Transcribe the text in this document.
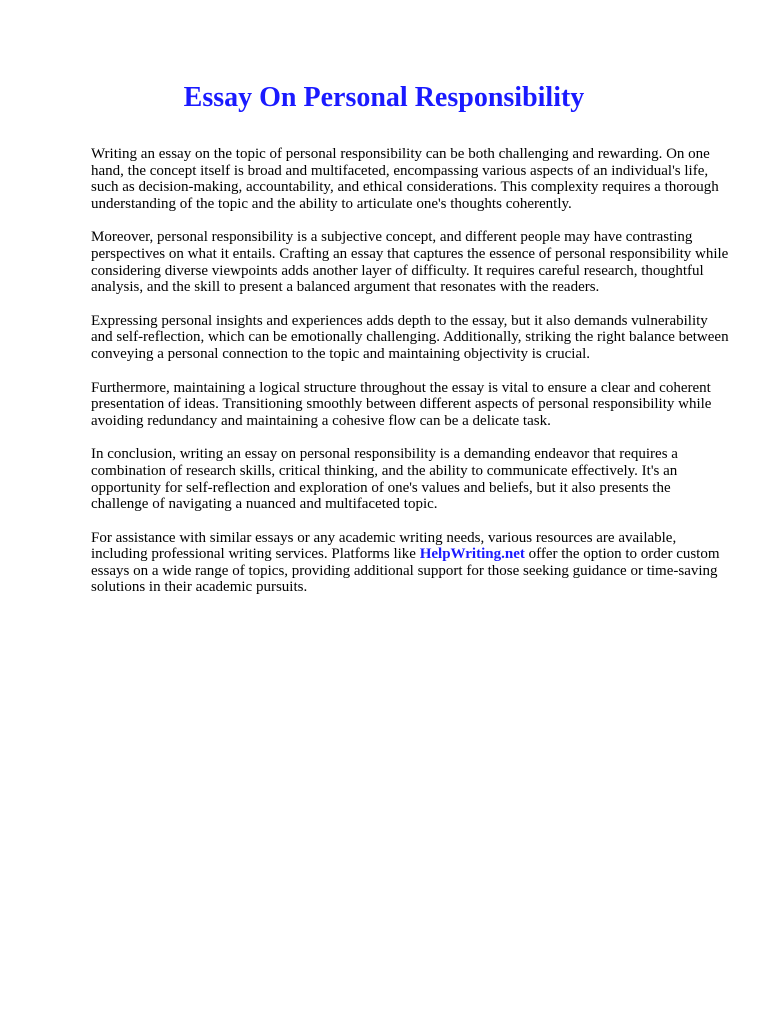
Essay On Personal Responsibility

Writing an essay on the topic of personal responsibility can be both challenging and rewarding. On one hand, the concept itself is broad and multifaceted, encompassing various aspects of an individual's life, such as decision-making, accountability, and ethical considerations. This complexity requires a thorough understanding of the topic and the ability to articulate one's thoughts coherently.

Moreover, personal responsibility is a subjective concept, and different people may have contrasting perspectives on what it entails. Crafting an essay that captures the essence of personal responsibility while considering diverse viewpoints adds another layer of difficulty. It requires careful research, thoughtful analysis, and the skill to present a balanced argument that resonates with the readers.

Expressing personal insights and experiences adds depth to the essay, but it also demands vulnerability and self-reflection, which can be emotionally challenging. Additionally, striking the right balance between conveying a personal connection to the topic and maintaining objectivity is crucial.

Furthermore, maintaining a logical structure throughout the essay is vital to ensure a clear and coherent presentation of ideas. Transitioning smoothly between different aspects of personal responsibility while avoiding redundancy and maintaining a cohesive flow can be a delicate task.

In conclusion, writing an essay on personal responsibility is a demanding endeavor that requires a combination of research skills, critical thinking, and the ability to communicate effectively. It's an opportunity for self-reflection and exploration of one's values and beliefs, but it also presents the challenge of navigating a nuanced and multifaceted topic.

For assistance with similar essays or any academic writing needs, various resources are available, including professional writing services. Platforms like HelpWriting.net offer the option to order custom essays on a wide range of topics, providing additional support for those seeking guidance or time-saving solutions in their academic pursuits.
